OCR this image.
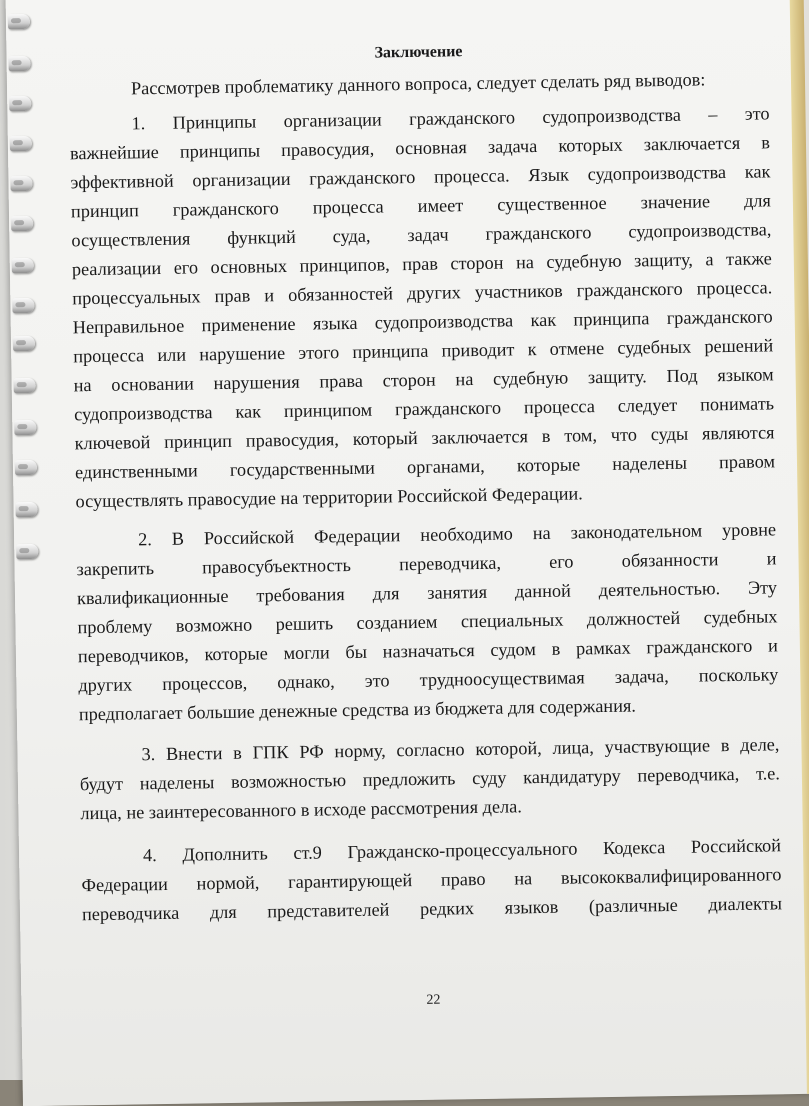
Заключение
Рассмотрев проблематику данного вопроса, следует сделать ряд выводов:
1. Принципы организации гражданского судопроизводства – это
важнейшие принципы правосудия, основная задача которых заключается в
эффективной организации гражданского процесса. Язык судопроизводства как
принцип гражданского процесса имеет существенное значение для
осуществления функций суда, задач гражданского судопроизводства,
реализации его основных принципов, прав сторон на судебную защиту, а также
процессуальных прав и обязанностей других участников гражданского процесса.
Неправильное применение языка судопроизводства как принципа гражданского
процесса или нарушение этого принципа приводит к отмене судебных решений
на основании нарушения права сторон на судебную защиту. Под языком
судопроизводства как принципом гражданского процесса следует понимать
ключевой принцип правосудия, который заключается в том, что суды являются
единственными государственными органами, которые наделены правом
осуществлять правосудие на территории Российской Федерации.
2. В Российской Федерации необходимо на законодательном уровне
закрепить правосубъектность переводчика, его обязанности и
квалификационные требования для занятия данной деятельностью. Эту
проблему возможно решить созданием специальных должностей судебных
переводчиков, которые могли бы назначаться судом в рамках гражданского и
других процессов, однако, это трудноосуществимая задача, поскольку
предполагает большие денежные средства из бюджета для содержания.
3. Внести в ГПК РФ норму, согласно которой, лица, участвующие в деле,
будут наделены возможностью предложить суду кандидатуру переводчика, т.е.
лица, не заинтересованного в исходе рассмотрения дела.
4. Дополнить ст.9 Гражданско-процессуального Кодекса Российской
Федерации нормой, гарантирующей право на высококвалифицированного
переводчика для представителей редких языков (различные диалекты
22
